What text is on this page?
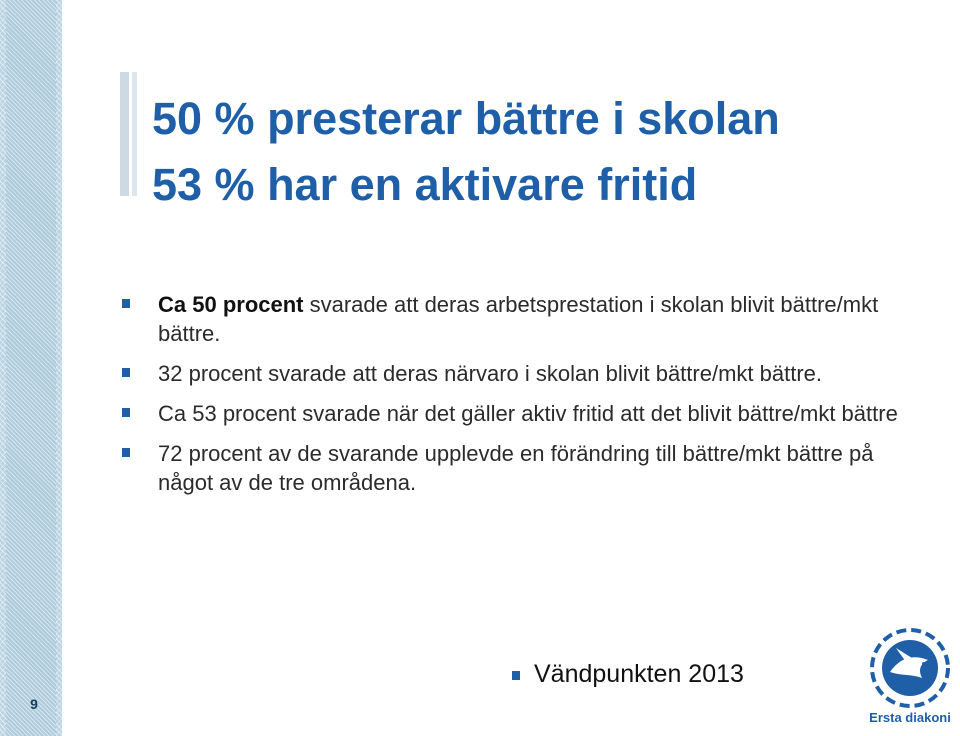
9
50 % presterar bättre i skolan
53 % har en aktivare fritid
Ca 50 procent svarade att deras arbetsprestation i skolan blivit bättre/mkt bättre.
32 procent svarade att deras närvaro i skolan blivit bättre/mkt bättre.
Ca 53 procent svarade när det gäller aktiv fritid att det blivit bättre/mkt bättre
72 procent av de svarande upplevde en förändring till bättre/mkt bättre på något av de tre områdena.
Vändpunkten 2013
Ersta diakoni
